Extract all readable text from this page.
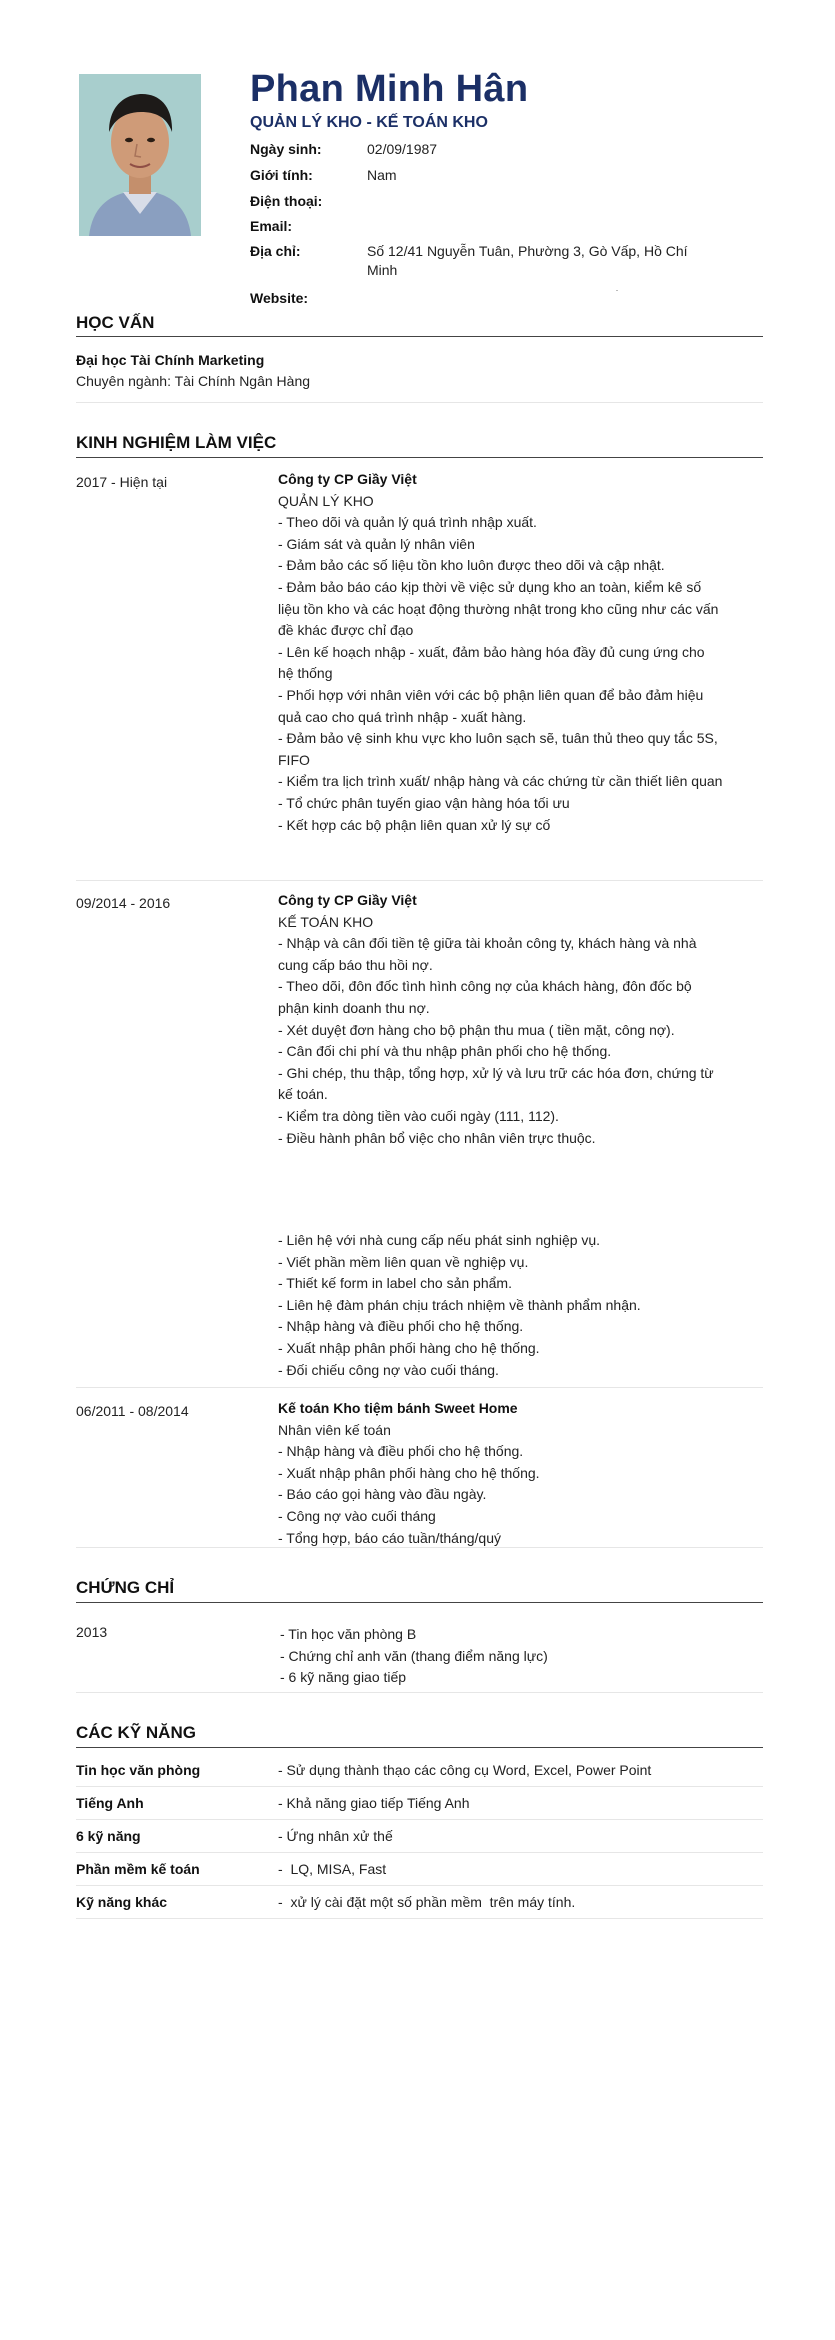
Phan Minh Hân
QUẢN LÝ KHO - KẾ TOÁN KHO
Ngày sinh:	02/09/1987
Giới tính:	Nam
Điện thoại:
Email:
Địa chỉ:	Số 12/41 Nguyễn Tuân, Phường 3, Gò Vấp, Hồ Chí Minh
Website:
HỌC VẤN
Đại học Tài Chính Marketing
Chuyên ngành: Tài Chính Ngân Hàng
KINH NGHIỆM LÀM VIỆC
2017 - Hiện tại	Công ty CP Giầy Việt
QUẢN LÝ KHO
- Theo dõi và quản lý quá trình nhập xuất.
- Giám sát và quản lý nhân viên
- Đảm bảo các số liệu tồn kho luôn được theo dõi và cập nhật.
- Đảm bảo báo cáo kịp thời về việc sử dụng kho an toàn, kiểm kê số liệu tồn kho và các hoạt động thường nhật trong kho cũng như các vấn đề khác được chỉ đạo
- Lên kế hoạch nhập - xuất, đảm bảo hàng hóa đầy đủ cung ứng cho hệ thống
- Phối hợp với nhân viên với các bộ phận liên quan để bảo đảm hiệu quả cao cho quá trình nhập - xuất hàng.
- Đảm bảo vệ sinh khu vực kho luôn sạch sẽ, tuân thủ theo quy tắc 5S, FIFO
- Kiểm tra lịch trình xuất/ nhập hàng và các chứng từ cần thiết liên quan
- Tổ chức phân tuyến giao vận hàng hóa tối ưu
- Kết hợp các bộ phận liên quan xử lý sự cố
09/2014 - 2016	Công ty CP Giầy Việt
KẾ TOÁN KHO
- Nhập và cân đối tiền tệ giữa tài khoản công ty, khách hàng và nhà cung cấp báo thu hồi nợ.
- Theo dõi, đôn đốc tình hình công nợ của khách hàng, đôn đốc bộ phận kinh doanh thu nợ.
- Xét duyệt đơn hàng cho bộ phận thu mua ( tiền mặt, công nợ).
- Cân đối chi phí và thu nhập phân phối cho hệ thống.
- Ghi chép, thu thập, tổng hợp, xử lý và lưu trữ các hóa đơn, chứng từ kế toán.
- Kiểm tra dòng tiền vào cuối ngày (111, 112).
- Điều hành phân bổ việc cho nhân viên trực thuộc.
- Liên hệ với nhà cung cấp nếu phát sinh nghiệp vụ.
- Viết phần mềm liên quan về nghiệp vụ.
- Thiết kế form in label cho sản phẩm.
- Liên hệ đàm phán chịu trách nhiệm về thành phẩm nhận.
- Nhập hàng và điều phối cho hệ thống.
- Xuất nhập phân phối hàng cho hệ thống.
- Đối chiếu công nợ vào cuối tháng.
06/2011 - 08/2014	Kế toán Kho tiệm bánh Sweet Home
Nhân viên kế toán
- Nhập hàng và điều phối cho hệ thống.
- Xuất nhập phân phối hàng cho hệ thống.
- Báo cáo gọi hàng vào đầu ngày.
- Công nợ vào cuối tháng
- Tổng hợp, báo cáo tuần/tháng/quý
CHỨNG CHỈ
2013	- Tin học văn phòng B
- Chứng chỉ anh văn (thang điểm năng lực)
- 6 kỹ năng giao tiếp
CÁC KỸ NĂNG
Tin học văn phòng	- Sử dụng thành thạo các công cụ Word, Excel, Power Point
Tiếng Anh	- Khả năng giao tiếp Tiếng Anh
6 kỹ năng	- Ứng nhân xử thế
Phần mềm kế toán	-  LQ, MISA, Fast
Kỹ năng khác	-  xử lý cài đặt một số phần mềm  trên máy tính.
